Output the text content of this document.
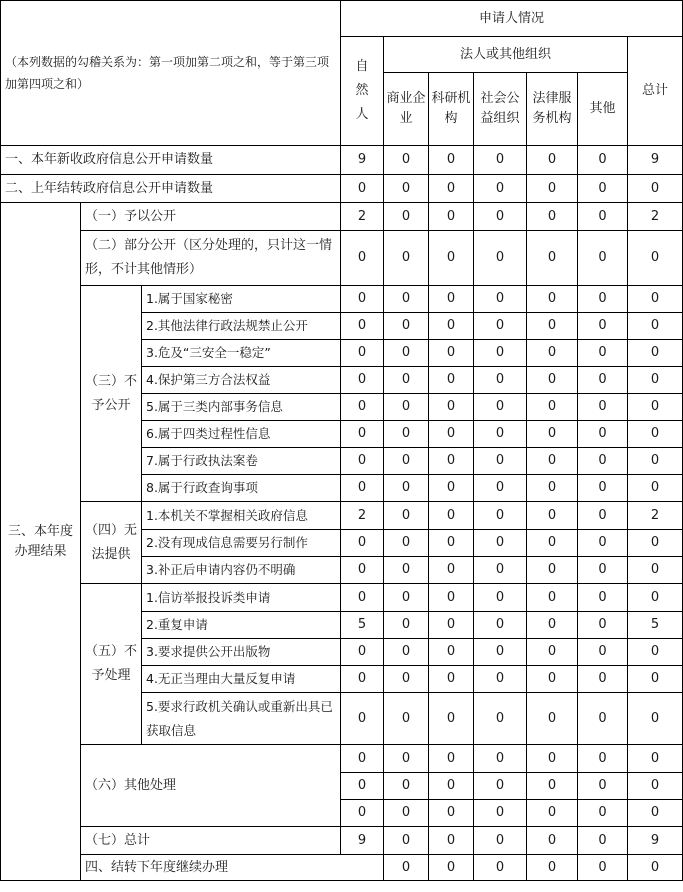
（本列数据的勾稽关系为：第一项加第二项之和，等于第三项加第四项之和）			申请人情况							
			自然人	法人或其他组织					总计	
				商业企业	科研机构	社会公益组织	法律服务机构	其他		
一、本年新收政府信息公开申请数量			9	0	0	0	0	0	9	
二、上年结转政府信息公开申请数量			0	0	0	0	0	0	0	
三、本年度办理结果	（一）予以公开		2	0	0	0	0	0	2	
	（二）部分公开（区分处理的，只计这一情形，不计其他情形）		0	0	0	0	0	0	0	
	（三）不予公开	1.属于国家秘密	0	0	0	0	0	0	0	
		2.其他法律行政法规禁止公开	0	0	0	0	0	0	0	
		3.危及“三安全一稳定”	0	0	0	0	0	0	0	
		4.保护第三方合法权益	0	0	0	0	0	0	0	
		5.属于三类内部事务信息	0	0	0	0	0	0	0	
		6.属于四类过程性信息	0	0	0	0	0	0	0	
		7.属于行政执法案卷	0	0	0	0	0	0	0	
		8.属于行政查询事项	0	0	0	0	0	0	0	
	（四）无法提供	1.本机关不掌握相关政府信息	2	0	0	0	0	0	2	
		2.没有现成信息需要另行制作	0	0	0	0	0	0	0	
		3.补正后申请内容仍不明确	0	0	0	0	0	0	0	
	（五）不予处理	1.信访举报投诉类申请	0	0	0	0	0	0	0	
		2.重复申请	5	0	0	0	0	0	5	
		3.要求提供公开出版物	0	0	0	0	0	0	0	
		4.无正当理由大量反复申请	0	0	0	0	0	0	0	
		5.要求行政机关确认或重新出具已获取信息	0	0	0	0	0	0	0	
	（六）其他处理		0	0	0	0	0	0	0	
			0	0	0	0	0	0	0	
			0	0	0	0	0	0	0	
	（七）总计		9	0	0	0	0	0	9	
	四、结转下年度继续办理			0	0	0	0	0	0	
